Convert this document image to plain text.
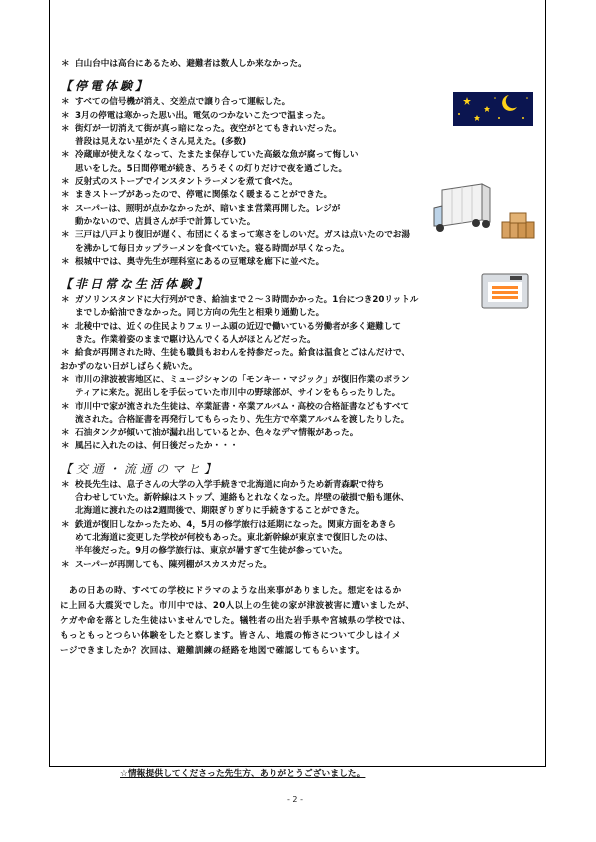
＊ 白山台中は高台にあるため、避難者は数人しか来なかった。
【停電体験】
＊ すべての信号機が消え、交差点で譲り合って運転した。
＊ 3月の停電は寒かった思い出。電気のつかないこたつで温まった。
＊ 街灯が一切消えて街が真っ暗になった。夜空がとてもきれいだった。
普段は見えない星がたくさん見えた。(多数)
＊ 冷蔵庫が使えなくなって、たまたま保存していた高級な魚が腐って悔しい
思いをした。5日間停電が続き、ろうそくの灯りだけで夜を過ごした。
＊ 反射式のストーブでインスタントラーメンを煮て食べた。
＊ まきストーブがあったので、停電に関係なく暖まることができた。
＊ スーパーは、照明が点かなかったが、暗いまま営業再開した。レジが
動かないので、店員さんが手で計算していた。
＊ 三戸は八戸より復旧が遅く、布団にくるまって寒さをしのいだ。ガスは点いたのでお湯
を沸かして毎日カップラーメンを食べていた。寝る時間が早くなった。
＊ 根城中では、奥寺先生が理科室にあるの豆電球を廊下に並べた。
【非日常な生活体験】
＊ ガソリンスタンドに大行列ができ、給油まで２～３時間かかった。1台につき20リットル
までしか給油できなかった。同じ方向の先生と相乗り通勤した。
＊ 北稜中では、近くの住民よりフェリーふ頭の近辺で働いている労働者が多く避難して
きた。作業着姿のままで駆け込んでくる人がほとんどだった。
＊ 給食が再開された時、生徒も職員もおわんを持参だった。給食は温食とごはんだけで、
おかずのない日がしばらく続いた。
＊ 市川の津波被害地区に、ミュージシャンの「モンキー・マジック」が復旧作業のボラン
ティアに来た。泥出しを手伝っていた市川中の野球部が、サインをもらったりした。
＊ 市川中で家が流された生徒は、卒業証書・卒業アルバム・高校の合格証書などもすべて
流された。合格証書を再発行してもらったり、先生方で卒業アルバムを渡したりした。
＊ 石油タンクが傾いて油が漏れ出しているとか、色々なデマ情報があった。
＊ 風呂に入れたのは、何日後だったか・・・
【交通・流通のマヒ】
＊ 校長先生は、息子さんの大学の入学手続きで北海道に向かうため新青森駅で待ち
合わせしていた。新幹線はストップ、連絡もとれなくなった。岸壁の破損で船も運休、
北海道に渡れたのは2週間後で、期限ぎりぎりに手続きすることができた。
＊ 鉄道が復旧しなかったため、4，5月の修学旅行は延期になった。関東方面をあきら
めて北海道に変更した学校が何校もあった。東北新幹線が東京まで復旧したのは、
半年後だった。9月の修学旅行は、東京が暑すぎて生徒が参っていた。
＊ スーパーが再開しても、陳列棚がスカスカだった。
あの日あの時、すべての学校にドラマのような出来事がありました。想定をはるか
に上回る大震災でした。市川中では、20人以上の生徒の家が津波被害に遭いましたが、
ケガや命を落とした生徒はいませんでした。犠牲者の出た岩手県や宮城県の学校では、
もっともっとつらい体験をしたと察します。皆さん、地震の怖さについて少しはイメ
ージできましたか？次回は、避難訓練の経路を地図で確認してもらいます。
☆情報提供してくださった先生方、ありがとうございました。
- 2 -
